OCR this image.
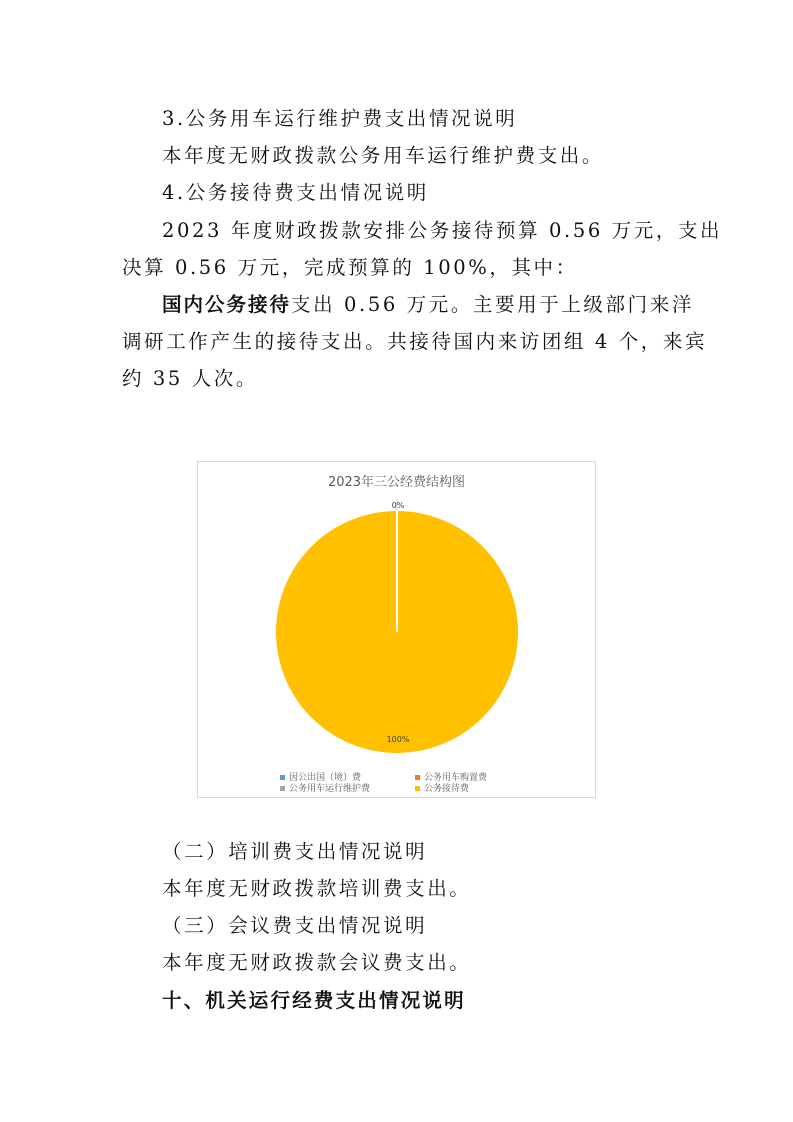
3.公务用车运行维护费支出情况说明
本年度无财政拨款公务用车运行维护费支出。
4.公务接待费支出情况说明
2023 年度财政拨款安排公务接待预算 0.56 万元，支出
决算 0.56 万元，完成预算的 100%，其中：
国内公务接待支出 0.56 万元。主要用于上级部门来洋
调研工作产生的接待支出。共接待国内来访团组 4 个，来宾
约 35 人次。
2023年三公经费结构图
0%
100%
因公出国（境）费	公务用车购置费
公务用车运行维护费	公务接待费
（二）培训费支出情况说明
本年度无财政拨款培训费支出。
（三）会议费支出情况说明
本年度无财政拨款会议费支出。
十、机关运行经费支出情况说明
